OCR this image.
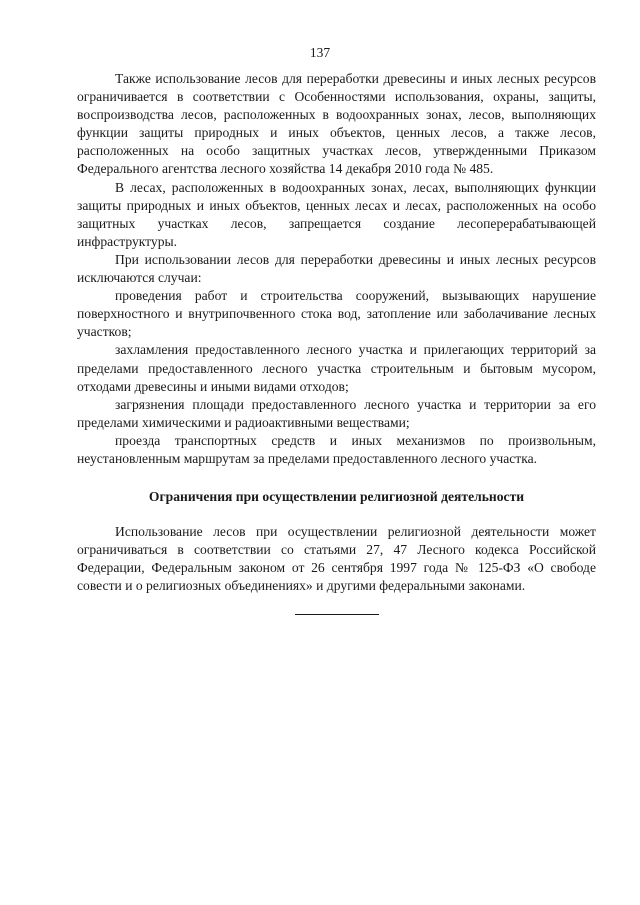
137

Также использование лесов для переработки древесины и иных лесных ресурсов ограничивается в соответствии с Особенностями использования, охраны, защиты, воспроизводства лесов, расположенных в водоохранных зонах, лесов, выполняющих функции защиты природных и иных объектов, ценных лесов, а также лесов, расположенных на особо защитных участках лесов, утвержденными Приказом Федерального агентства лесного хозяйства 14 декабря 2010 года № 485.

В лесах, расположенных в водоохранных зонах, лесах, выполняющих функции защиты природных и иных объектов, ценных лесах и лесах, расположенных на особо защитных участках лесов, запрещается создание лесоперерабатывающей инфраструктуры.

При использовании лесов для переработки древесины и иных лесных ресурсов исключаются случаи:

проведения работ и строительства сооружений, вызывающих нарушение поверхностного и внутрипочвенного стока вод, затопление или заболачивание лесных участков;

захламления предоставленного лесного участка и прилегающих территорий за пределами предоставленного лесного участка строительным и бытовым мусором, отходами древесины и иными видами отходов;

загрязнения площади предоставленного лесного участка и территории за его пределами химическими и радиоактивными веществами;

проезда транспортных средств и иных механизмов по произвольным, неустановленным маршрутам за пределами предоставленного лесного участка.

Ограничения при осуществлении религиозной деятельности

Использование лесов при осуществлении религиозной деятельности может ограничиваться в соответствии со статьями 27, 47 Лесного кодекса Российской Федерации, Федеральным законом от 26 сентября 1997 года № 125-ФЗ «О свободе совести и о религиозных объединениях» и другими федеральными законами.
